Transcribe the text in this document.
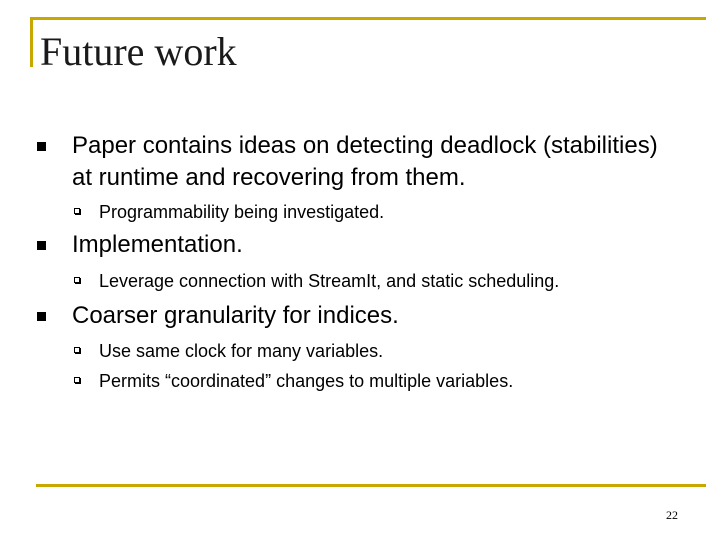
Future work
Paper contains ideas on detecting deadlock (stabilities) at runtime and recovering from them.
Programmability being investigated.
Implementation.
Leverage connection with StreamIt, and static scheduling.
Coarser granularity for indices.
Use same clock for many variables.
Permits “coordinated” changes to multiple variables.
22
